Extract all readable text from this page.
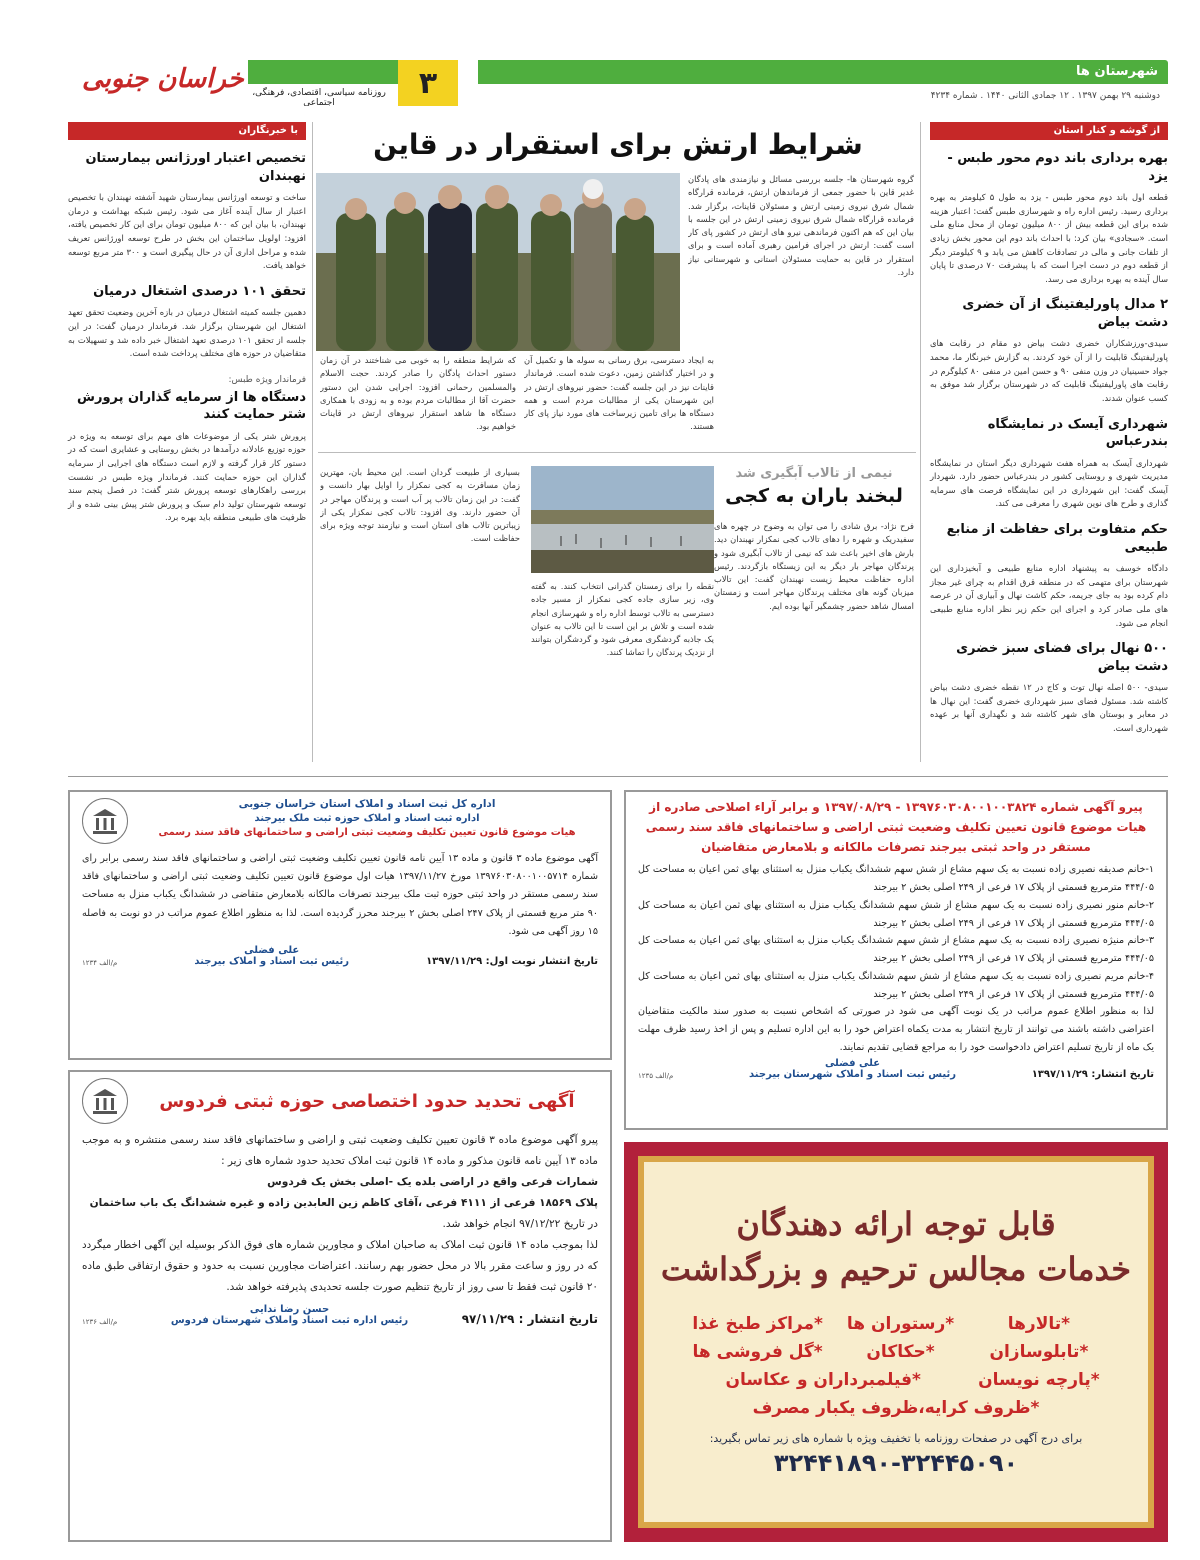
شهرستان ها
دوشنبه ۲۹ بهمن ۱۳۹۷ . ۱۲ جمادی الثانی ۱۴۴۰ . شماره ۴۲۳۴
۳
روزنامه سیاسی، اقتصادی، فرهنگی، اجتماعی
خراسان جنوبی
از گوشه و کنار استان
بهره برداری باند دوم محور طبس - یزد
قطعه اول باند دوم محور طبس - یزد به طول ۵ کیلومتر به بهره برداری رسید. رئیس اداره راه و شهرسازی طبس گفت: اعتبار هزینه شده برای این قطعه بیش از ۸۰۰ میلیون تومان از محل منابع ملی است. «سجادی» بیان کرد: با احداث باند دوم این محور بخش زیادی از تلفات جانی و مالی در تصادفات کاهش می یابد و ۹ کیلومتر دیگر از قطعه دوم در دست اجرا است که با پیشرفت ۷۰ درصدی تا پایان سال آینده به بهره برداری می رسد.
۲ مدال پاورلیفتینگ از آن خضری دشت بیاض
سیدی-ورزشکاران خضری دشت بیاض دو مقام در رقابت های پاورلیفتینگ قابلیت را از آن خود کردند. به گزارش خبرنگار ما، محمد جواد حسینیان در وزن منفی ۹۰ و حسن امین در منفی ۸۰ کیلوگرم در رقابت های پاورلیفتینگ قابلیت که در شهرستان برگزار شد موفق به کسب عنوان شدند.
شهرداری آیسک در نمایشگاه بندرعباس
شهرداری آیسک به همراه هفت شهرداری دیگر استان در نمایشگاه مدیریت شهری و روستایی کشور در بندرعباس حضور دارد. شهردار آیسک گفت: این شهرداری در این نمایشگاه فرصت های سرمایه گذاری و طرح های نوین شهری را معرفی می کند.
حکم متفاوت برای حفاظت از منابع طبیعی
دادگاه خوسف به پیشنهاد اداره منابع طبیعی و آبخیزداری این شهرستان برای متهمی که در منطقه قرق اقدام به چرای غیر مجاز دام کرده بود به جای جریمه، حکم کاشت نهال و آبیاری آن در عرصه های ملی صادر کرد و اجرای این حکم زیر نظر اداره منابع طبیعی انجام می شود.
۵۰۰ نهال برای فضای سبز خضری دشت بیاض
سیدی- ۵۰۰ اصله نهال توت و کاج در ۱۲ نقطه خضری دشت بیاض کاشته شد. مسئول فضای سبز شهرداری خضری گفت: این نهال ها در معابر و بوستان های شهر کاشته شد و نگهداری آنها بر عهده شهرداری است.
با خبرنگاران
تخصیص اعتبار اورژانس بیمارستان نهبندان
ساخت و توسعه اورژانس بیمارستان شهید آشفته نهبندان با تخصیص اعتبار از سال آینده آغاز می شود. رئیس شبکه بهداشت و درمان نهبندان، با بیان این که ۸۰۰ میلیون تومان برای این کار تخصیص یافته، افزود: اولویل ساختمان این بخش در طرح توسعه اورژانس تعریف شده و مراحل اداری آن در حال پیگیری است و ۳۰۰ متر مربع توسعه خواهد یافت.
تحقق ۱۰۱ درصدی اشتغال درمیان
دهمین جلسه کمیته اشتغال درمیان در بازه آخرین وضعیت تحقق تعهد اشتغال این شهرستان برگزار شد. فرماندار درمیان گفت: در این جلسه از تحقق ۱۰۱ درصدی تعهد اشتغال خبر داده شد و تسهیلات به متقاضیان در حوزه های مختلف پرداخت شده است.
فرماندار ویژه طبس:
دستگاه ها از سرمایه گذاران پرورش شتر حمایت کنند
پرورش شتر یکی از موضوعات های مهم برای توسعه به ویژه در حوزه توزیع عادلانه درآمدها در بخش روستایی و عشایری است که در دستور کار قرار گرفته و لازم است دستگاه های اجرایی از سرمایه گذاران این حوزه حمایت کنند. فرماندار ویژه طبس در نشست بررسی راهکارهای توسعه پرورش شتر گفت: در فصل پنجم سند توسعه شهرستان تولید دام سبک و پرورش شتر پیش بینی شده و از ظرفیت های طبیعی منطقه باید بهره برد.
شرایط ارتش برای استقرار در قاین
گروه شهرستان ها- جلسه بررسی مسائل و نیازمندی های پادگان غدیر قاین با حضور جمعی از فرماندهان ارتش، فرمانده قرارگاه شمال شرق نیروی زمینی ارتش و مسئولان قاینات، برگزار شد. فرمانده قرارگاه شمال شرق نیروی زمینی ارتش در این جلسه با بیان این که هم اکنون فرماندهی نیرو های ارتش در کشور پای کار است گفت: ارتش در اجرای فرامین رهبری آماده است و برای استقرار در قاین به حمایت مسئولان استانی و شهرستانی نیاز دارد.
به ایجاد دسترسی، برق رسانی به سوله ها و تکمیل آن و در اختیار گذاشتن زمین، دعوت شده است. فرماندار قاینات نیز در این جلسه گفت: حضور نیروهای ارتش در این شهرستان یکی از مطالبات مردم است و همه دستگاه ها برای تامین زیرساخت های مورد نیاز پای کار هستند.
که شرایط منطقه را به خوبی می شناختند در آن زمان دستور احداث پادگان را صادر کردند. حجت الاسلام والمسلمین رحمانی افزود: اجرایی شدن این دستور حضرت آقا از مطالبات مردم بوده و به زودی با همکاری دستگاه ها شاهد استقرار نیروهای ارتش در قاینات خواهیم بود.
نیمی از تالاب آبگیری شد
لبخند باران به کجی
فرح نژاد- برق شادی را می توان به وضوح در چهره های سفیدریک و شهره را دهای تالاب کجی نمکزار نهبندان دید. بارش های اخیر باعث شد که نیمی از تالاب آبگیری شود و پرندگان مهاجر بار دیگر به این زیستگاه بازگردند. رئیس اداره حفاظت محیط زیست نهبندان گفت: این تالاب میزبان گونه های مختلف پرندگان مهاجر است و زمستان امسال شاهد حضور چشمگیر آنها بوده ایم.
نقطه را برای زمستان گذرانی انتخاب کنند. به گفته وی، زیر سازی جاده کجی نمکزار از مسیر جاده دسترسی به تالاب توسط اداره راه و شهرسازی انجام شده است و تلاش بر این است تا این تالاب به عنوان یک جاذبه گردشگری معرفی شود و گردشگران بتوانند از نزدیک پرندگان را تماشا کنند.
بسیاری از طبیعت گردان است. این محیط بان، مهترین زمان مسافرت به کجی نمکزار را اوایل بهار دانست و گفت: در این زمان تالاب پر آب است و پرندگان مهاجر در آن حضور دارند. وی افزود: تالاب کجی نمکزار یکی از زیباترین تالاب های استان است و نیازمند توجه ویژه برای حفاظت است.
پیرو آگهی شماره ۱۳۹۷۶۰۳۰۸۰۰۱۰۰۳۸۲۴ - ۱۳۹۷/۰۸/۲۹ و برابر آراء اصلاحی صادره از هیات موضوع قانون تعیین تکلیف وضعیت ثبتی اراضی و ساختمانهای فاقد سند رسمی مستقر در واحد ثبتی بیرجند تصرفات مالکانه و بلامعارض متقاضیان
۱-خانم صدیقه نصیری زاده نسبت به یک سهم مشاع از شش سهم ششدانگ یکباب منزل به استثنای بهای ثمن اعیان به مساحت کل ۴۴۴/۰۵ مترمربع قسمتی از پلاک ۱۷ فرعی از ۲۴۹ اصلی بخش ۲ بیرجند
۲-خانم منور نصیری زاده نسبت به یک سهم مشاع از شش سهم ششدانگ یکباب منزل به استثنای بهای ثمن اعیان به مساحت کل ۴۴۴/۰۵ مترمربع قسمتی از پلاک ۱۷ فرعی از ۲۴۹ اصلی بخش ۲ بیرجند
۳-خانم منیژه نصیری زاده نسبت به یک سهم مشاع از شش سهم ششدانگ یکباب منزل به استثنای بهای ثمن اعیان به مساحت کل ۴۴۴/۰۵ مترمربع قسمتی از پلاک ۱۷ فرعی از ۲۴۹ اصلی بخش ۲ بیرجند
۴-خانم مریم نصیری زاده نسبت به یک سهم مشاع از شش سهم ششدانگ یکباب منزل به استثنای بهای ثمن اعیان به مساحت کل ۴۴۴/۰۵ مترمربع قسمتی از پلاک ۱۷ فرعی از ۲۴۹ اصلی بخش ۲ بیرجند
لذا به منظور اطلاع عموم مراتب در یک نوبت آگهی می شود در صورتی که اشخاص نسبت به صدور سند مالکیت متقاضیان اعتراضی داشته باشند می توانند از تاریخ انتشار به مدت یکماه اعتراض خود را به این اداره تسلیم و پس از اخذ رسید ظرف مهلت یک ماه از تاریخ تسلیم اعتراض دادخواست خود را به مراجع قضایی تقدیم نمایند.
تاریخ انتشار: ۱۳۹۷/۱۱/۲۹
علی فضلی
رئیس ثبت اسناد و املاک شهرستان بیرجند
م/الف ۱۲۳۵
اداره کل ثبت اسناد و املاک استان خراسان جنوبی
اداره ثبت اسناد و املاک حوزه ثبت ملک بیرجند
هیات موضوع قانون تعیین تکلیف وضعیت ثبتی اراضی و ساختمانهای فاقد سند رسمی
آگهی موضوع ماده ۳ قانون و ماده ۱۳ آیین نامه قانون تعیین تکلیف وضعیت ثبتی اراضی و ساختمانهای فاقد سند رسمی برابر رای شماره ۱۳۹۷۶۰۳۰۸۰۰۱۰۰۵۷۱۴ مورخ ۱۳۹۷/۱۱/۲۷ هیات اول موضوع قانون تعیین تکلیف وضعیت ثبتی اراضی و ساختمانهای فاقد سند رسمی مستقر در واحد ثبتی حوزه ثبت ملک بیرجند تصرفات مالکانه بلامعارض متقاضی در ششدانگ یکباب منزل به مساحت ۹۰ متر مربع قسمتی از پلاک ۲۴۷ اصلی بخش ۲ بیرجند محرز گردیده است. لذا به منظور اطلاع عموم مراتب در دو نوبت به فاصله ۱۵ روز آگهی می شود.
تاریخ انتشار نوبت اول: ۱۳۹۷/۱۱/۲۹
علی فضلی
رئیس ثبت اسناد و املاک بیرجند
م/الف ۱۲۳۴
آگهی تحدید حدود اختصاصی حوزه ثبتی فردوس
پیرو آگهی موضوع ماده ۳ قانون تعیین تکلیف وضعیت ثبتی و اراضی و ساختمانهای فاقد سند رسمی منتشره و به موجب ماده ۱۳ آیین نامه قانون مذکور و ماده ۱۴ قانون ثبت املاک تحدید حدود شماره های زیر :
شمارات فرعی واقع در اراضی بلده یک -اصلی بخش یک فردوس
پلاک ۱۸۵۶۹ فرعی از ۴۱۱۱ فرعی ،آقای کاظم زین العابدین زاده و غیره ششدانگ یک باب ساختمان
در تاریخ ۹۷/۱۲/۲۲ انجام خواهد شد.
لذا بموجب ماده ۱۴ قانون ثبت املاک به صاحبان املاک و مجاورین شماره های فوق الذکر بوسیله این آگهی اخطار میگردد که در روز و ساعت مقرر بالا در محل حضور بهم رسانند. اعتراضات مجاورین نسبت به حدود و حقوق ارتفاقی طبق ماده ۲۰ قانون ثبت فقط تا سی روز از تاریخ تنظیم صورت جلسه تحدیدی پذیرفته خواهد شد.
تاریخ انتشار : ۹۷/۱۱/۲۹
حسن رضا ندایی
رئیس اداره ثبت اسناد واملاک شهرستان فردوس
م/الف ۱۲۳۶
قابل توجه ارائه دهندگان
خدمات مجالس ترحیم و بزرگداشت
*تالارها
*رستوران ها
*مراکز طبخ غذا
*تابلوسازان
*حکاکان
*گل فروشی ها
*پارچه نویسان
*فیلمبرداران و عکاسان
*ظروف کرایه،ظروف یکبار مصرف
برای درج آگهی در صفحات روزنامه با تخفیف ویژه با شماره های زیر تماس بگیرید:
۳۲۴۴۱۸۹۰-۳۲۴۴۵۰۹۰
